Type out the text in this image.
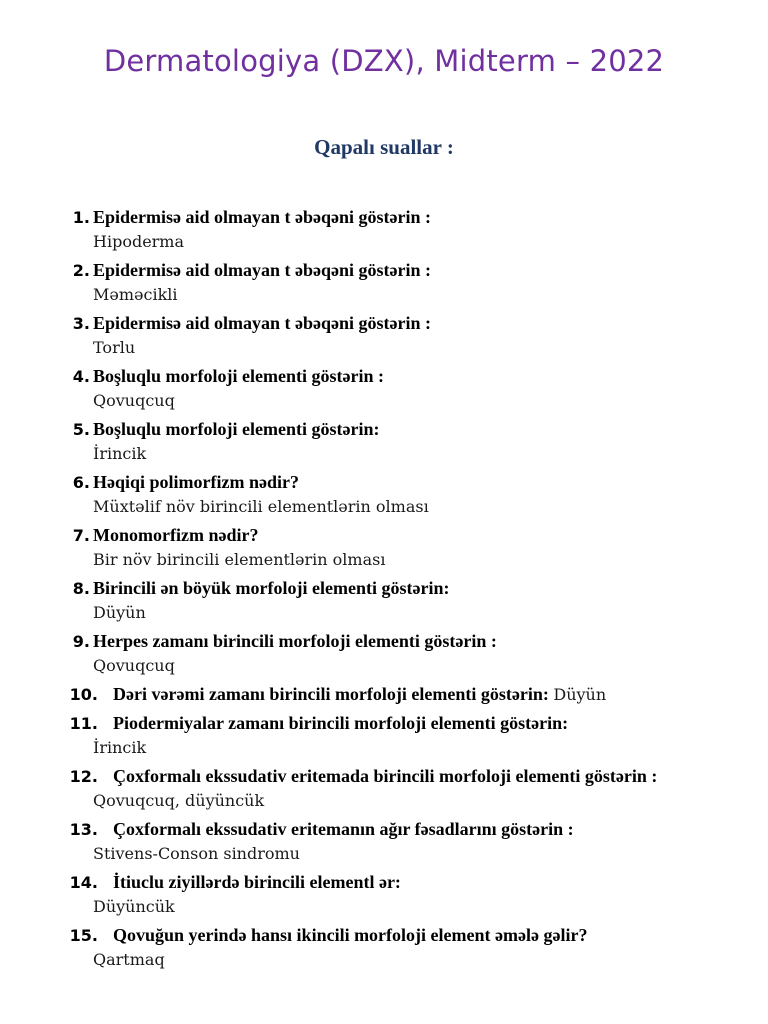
Dermatologiya (DZX), Midterm – 2022
Qapalı suallar :
1. Epidermisə aid olmayan t əbəqəni göstərin :
Hipoderma
2. Epidermisə aid olmayan t əbəqəni göstərin :
Məməcikli
3. Epidermisə aid olmayan t əbəqəni göstərin :
Torlu
4. Boşluqlu morfoloji elementi göstərin :
Qovuqcuq
5. Boşluqlu morfoloji elementi göstərin:
İrincik
6. Həqiqi polimorfizm nədir?
Müxtəlif növ birincili elementlərin olması
7. Monomorfizm nədir?
Bir növ birincili elementlərin olması
8. Birincili ən böyük morfoloji elementi göstərin:
Düyün
9. Herpes zamanı birincili morfoloji elementi göstərin :
Qovuqcuq
10. Dəri vərəmi zamanı birincili morfoloji elementi göstərin: Düyün
11. Piodermiyalar zamanı birincili morfoloji elementi göstərin:
İrincik
12. Çoxformalı ekssudativ eritemada birincili morfoloji elementi göstərin :
Qovuqcuq, düyüncük
13. Çoxformalı ekssudativ eritemanın ağır fəsadlarını göstərin :
Stivens-Conson sindromu
14. İtiuclu ziyillərdə birincili elementl ər:
Düyüncük
15. Qovuğun yerində hansı ikincili morfoloji element əmələ gəlir?
Qartmaq
